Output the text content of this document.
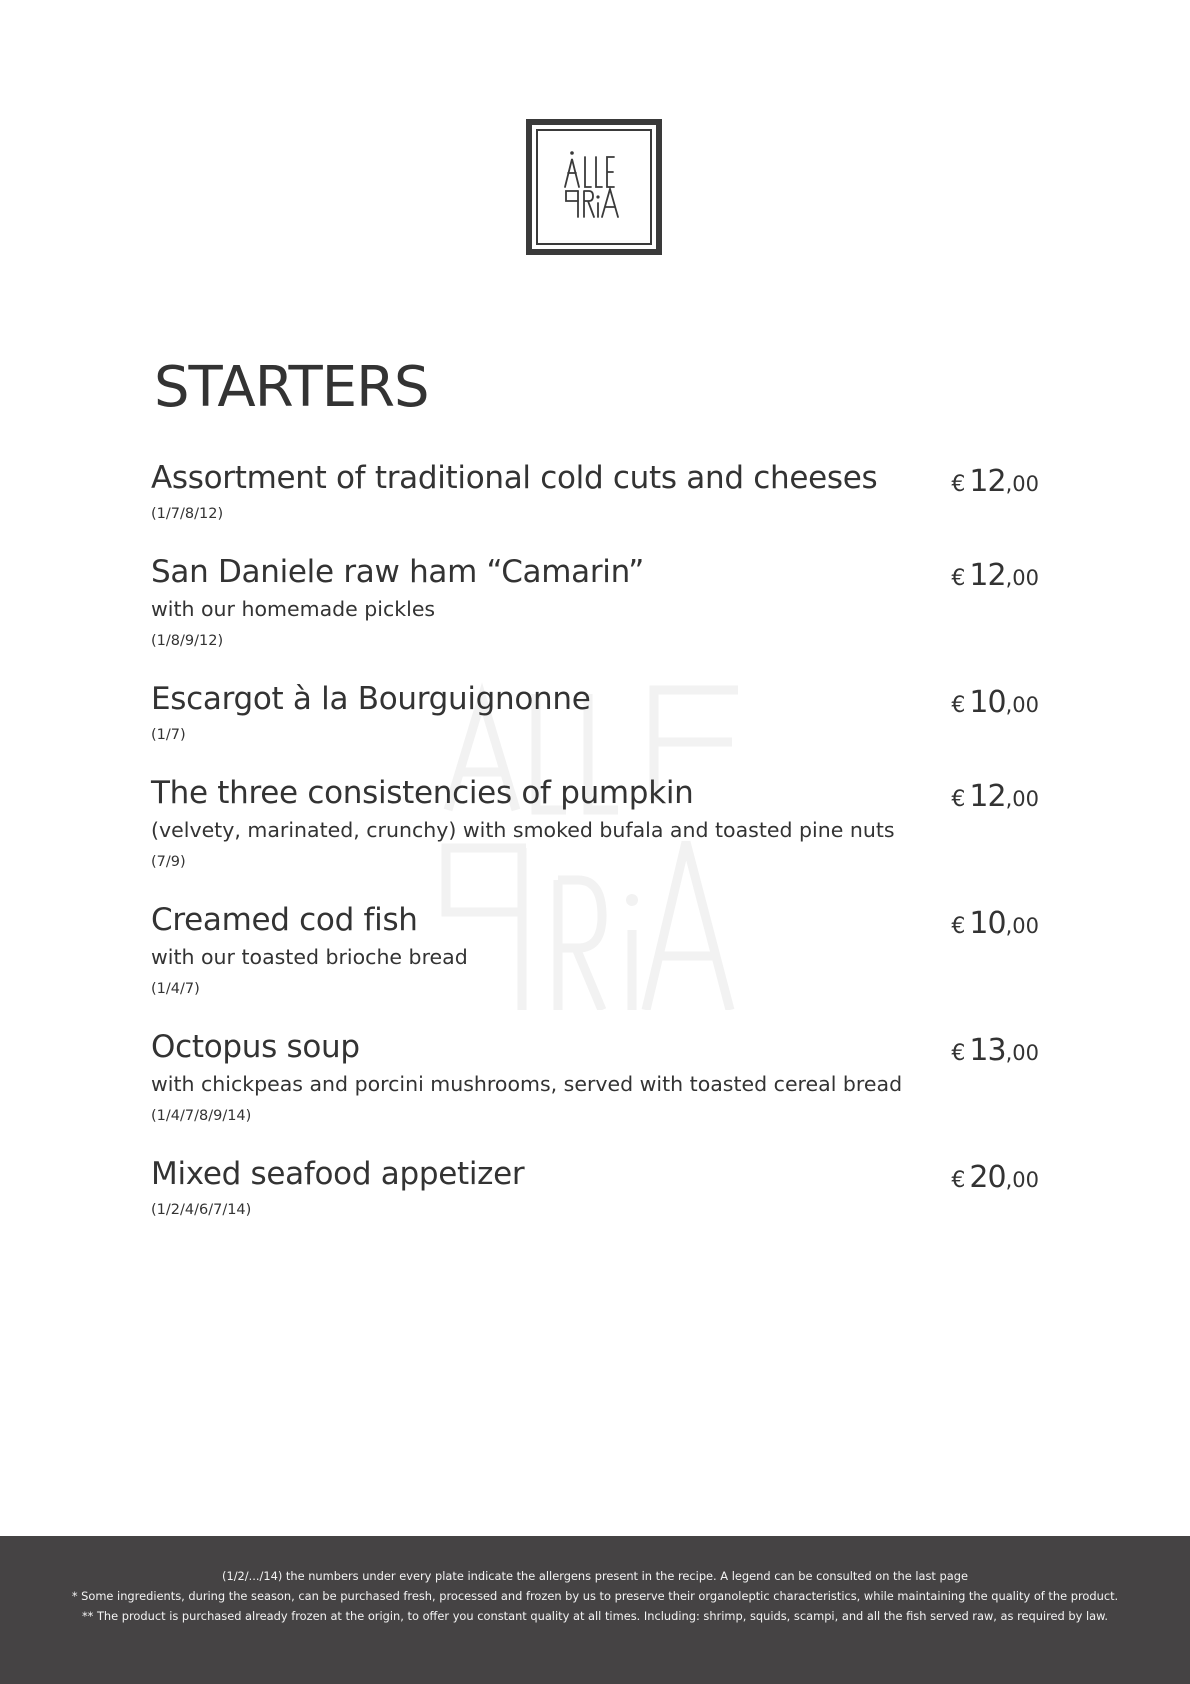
STARTERS
Assortment of traditional cold cuts and cheeses
(1/7/8/12)
€ 12,00
San Daniele raw ham “Camarin”
with our homemade pickles
(1/8/9/12)
€ 12,00
Escargot à la Bourguignonne
(1/7)
€ 10,00
The three consistencies of pumpkin
(velvety, marinated, crunchy) with smoked bufala and toasted pine nuts
(7/9)
€ 12,00
Creamed cod fish
with our toasted brioche bread
(1/4/7)
€ 10,00
Octopus soup
with chickpeas and porcini mushrooms, served with toasted cereal bread
(1/4/7/8/9/14)
€ 13,00
Mixed seafood appetizer
(1/2/4/6/7/14)
€ 20,00

(1/2/.../14) the numbers under every plate indicate the allergens present in the recipe. A legend can be consulted on the last page

* Some ingredients, during the season, can be purchased fresh, processed and frozen by us to preserve their organoleptic characteristics, while maintaining the quality of the product.

** The product is purchased already frozen at the origin, to offer you constant quality at all times. Including: shrimp, squids, scampi, and all the fish served raw, as required by law.
